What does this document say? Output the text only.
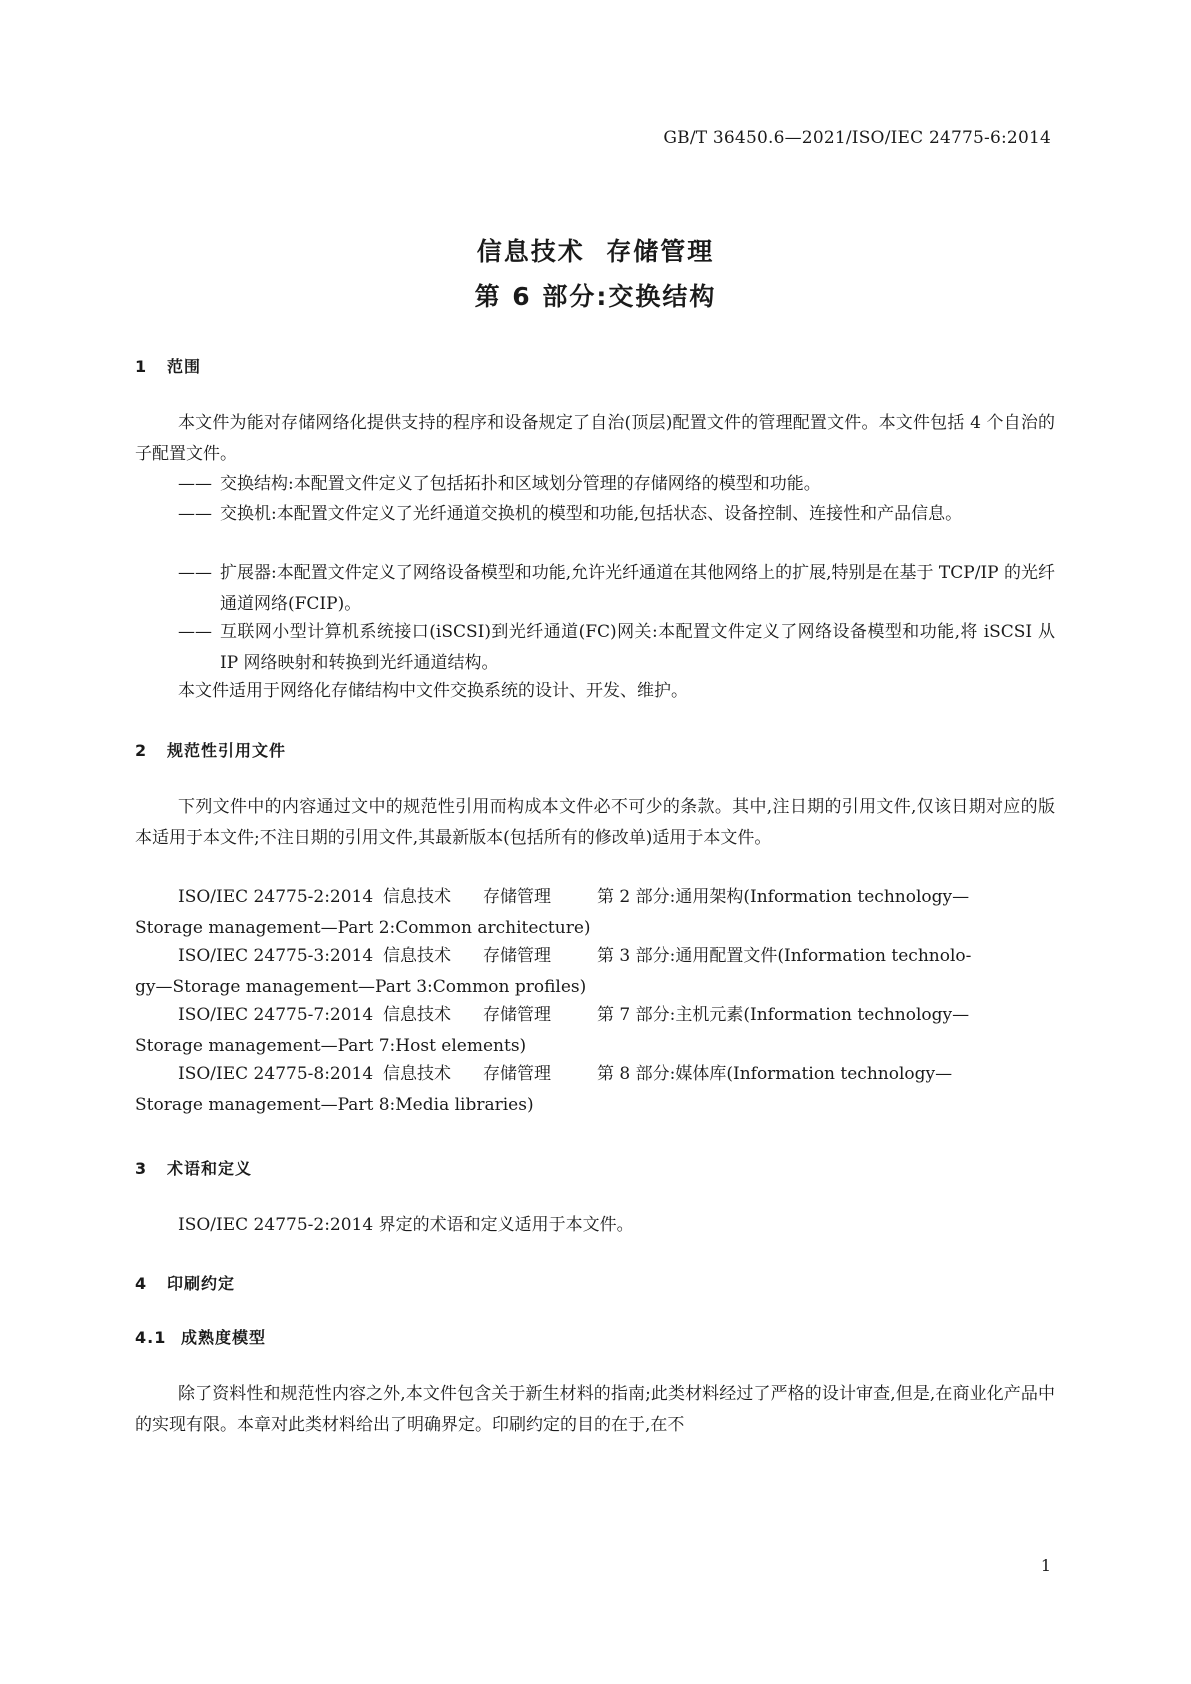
GB/T 36450.6—2021/ISO/IEC 24775-6:2014
信息技术  存储管理
第 6 部分:交换结构
1 范围
本文件为能对存储网络化提供支持的程序和设备规定了自治(顶层)配置文件的管理配置文件。本文件包括 4 个自治的子配置文件。
—— 交换结构:本配置文件定义了包括拓扑和区域划分管理的存储网络的模型和功能。
—— 交换机:本配置文件定义了光纤通道交换机的模型和功能,包括状态、设备控制、连接性和产品信息。
—— 扩展器:本配置文件定义了网络设备模型和功能,允许光纤通道在其他网络上的扩展,特别是在基于 TCP/IP 的光纤通道网络(FCIP)。
—— 互联网小型计算机系统接口(iSCSI)到光纤通道(FC)网关:本配置文件定义了网络设备模型和功能,将 iSCSI 从 IP 网络映射和转换到光纤通道结构。
本文件适用于网络化存储结构中文件交换系统的设计、开发、维护。
2 规范性引用文件
下列文件中的内容通过文中的规范性引用而构成本文件必不可少的条款。其中,注日期的引用文件,仅该日期对应的版本适用于本文件;不注日期的引用文件,其最新版本(包括所有的修改单)适用于本文件。
ISO/IEC 24775-2:2014 信息技术	存储管理	第 2 部分:通用架构(Information technology—
Storage management—Part 2:Common architecture)
ISO/IEC 24775-3:2014 信息技术	存储管理	第 3 部分:通用配置文件(Information technolo-
gy—Storage management—Part 3:Common profiles)
ISO/IEC 24775-7:2014 信息技术	存储管理	第 7 部分:主机元素(Information technology—
Storage management—Part 7:Host elements)
ISO/IEC 24775-8:2014 信息技术	存储管理	第 8 部分:媒体库(Information technology—
Storage management—Part 8:Media libraries)
3 术语和定义
ISO/IEC 24775-2:2014 界定的术语和定义适用于本文件。
4 印刷约定
4.1 成熟度模型
除了资料性和规范性内容之外,本文件包含关于新生材料的指南;此类材料经过了严格的设计审查,但是,在商业化产品中的实现有限。本章对此类材料给出了明确界定。印刷约定的目的在于,在不
1
